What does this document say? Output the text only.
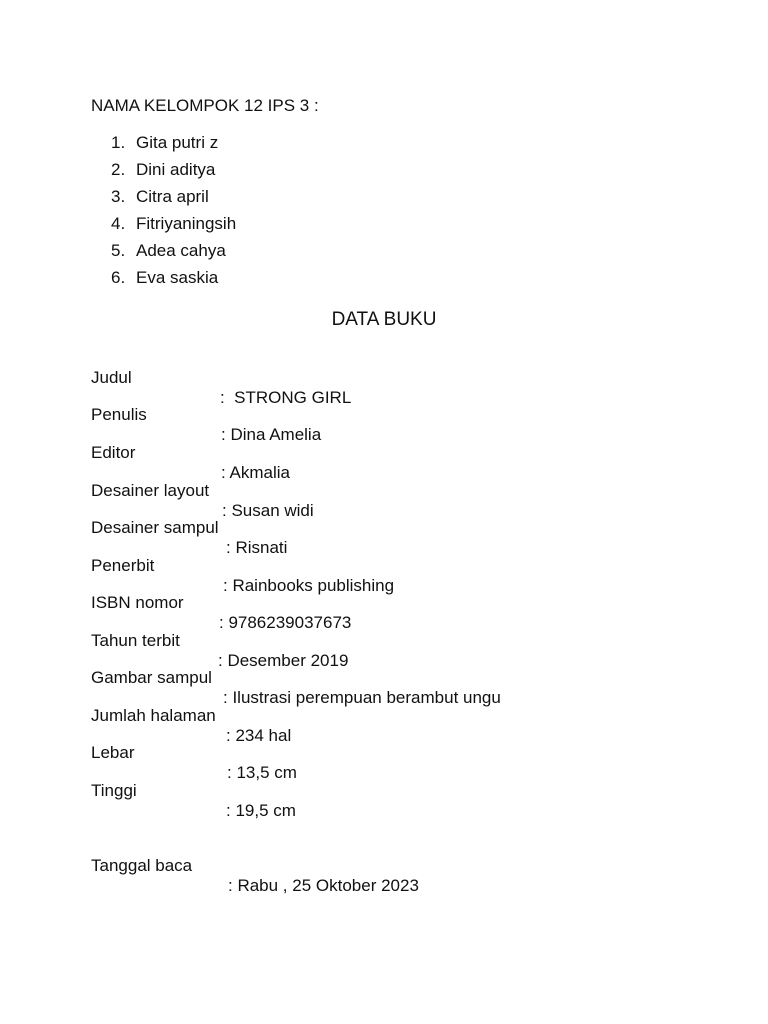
NAMA KELOMPOK 12 IPS 3 :
1. Gita putri z
2. Dini aditya
3. Citra april
4. Fitriyaningsih
5. Adea cahya
6. Eva saskia
DATA BUKU

Judul

:  STRONG GIRL

Penulis

: Dina Amelia

Editor

: Akmalia

Desainer layout

: Susan widi

Desainer sampul

: Risnati

Penerbit

: Rainbooks publishing

ISBN nomor

: 9786239037673

Tahun terbit

: Desember 2019

Gambar sampul

: Ilustrasi perempuan berambut ungu

Jumlah halaman

: 234 hal

Lebar

: 13,5 cm

Tinggi

: 19,5 cm

Tanggal baca

: Rabu , 25 Oktober 2023
